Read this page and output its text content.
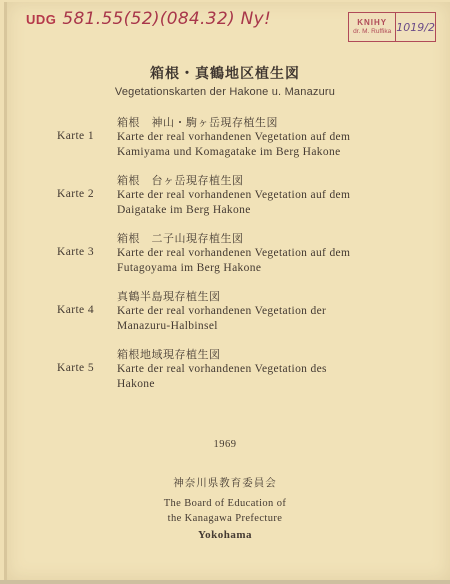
UDG 581.55(52)(084.32) Ny!	KNIHY
dr. M. Ruffika 1019/2
箱根・真鶴地区植生図
Vegetationskarten der Hakone u. Manazuru
Karte 1
箱根　神山・駒ヶ岳現存植生図
Karte der real vorhandenen Vegetation auf dem
Kamiyama und Komagatake im Berg Hakone
Karte 2
箱根　台ヶ岳現存植生図
Karte der real vorhandenen Vegetation auf dem
Daigatake im Berg Hakone
Karte 3
箱根　二子山現存植生図
Karte der real vorhandenen Vegetation auf dem
Futagoyama im Berg Hakone
Karte 4
真鶴半島現存植生図
Karte der real vorhandenen Vegetation der
Manazuru-Halbinsel
Karte 5
箱根地域現存植生図
Karte der real vorhandenen Vegetation des
Hakone
1969
神奈川県教育委員会
The Board of Education of
the Kanagawa Prefecture
Yokohama
